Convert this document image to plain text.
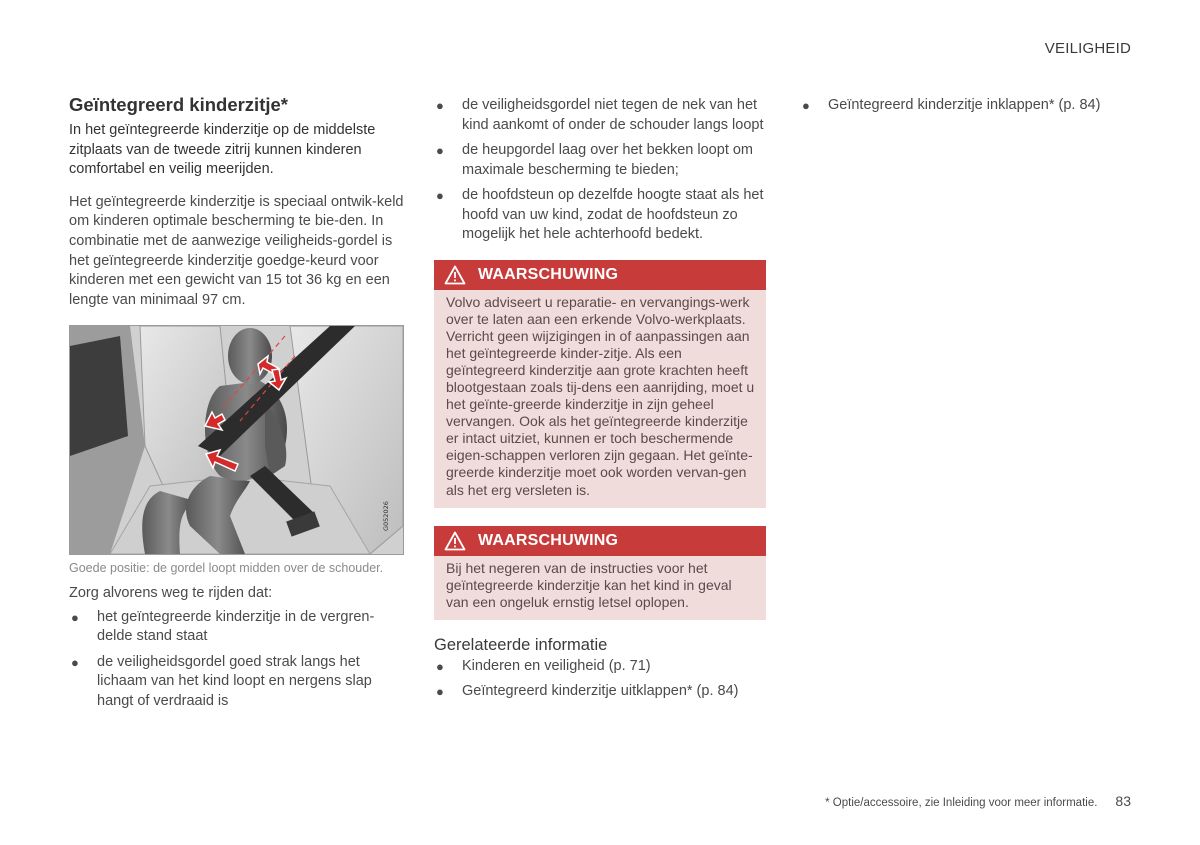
VEILIGHEID
Geïntegreerd kinderzitje*

In het geïntegreerde kinderzitje op de middelste zitplaats van de tweede zitrij kunnen kinderen comfortabel en veilig meerijden.

Het geïntegreerde kinderzitje is speciaal ontwik-keld om kinderen optimale bescherming te bie-den. In combinatie met de aanwezige veiligheids-gordel is het geïntegreerde kinderzitje goedge-keurd voor kinderen met een gewicht van 15 tot 36 kg en een lengte van minimaal 97 cm.

G052026
Goede positie: de gordel loopt midden over de schouder.
Zorg alvorens weg te rijden dat:
● het geïntegreerde kinderzitje in de vergren-delde stand staat
● de veiligheidsgordel goed strak langs het lichaam van het kind loopt en nergens slap hangt of verdraaid is
● de veiligheidsgordel niet tegen de nek van het kind aankomt of onder de schouder langs loopt
● de heupgordel laag over het bekken loopt om maximale bescherming te bieden;
● de hoofdsteun op dezelfde hoogte staat als het hoofd van uw kind, zodat de hoofdsteun zo mogelijk het hele achterhoofd bedekt.
WAARSCHUWING
Volvo adviseert u reparatie- en vervangings-werk over te laten aan een erkende Volvo-werkplaats. Verricht geen wijzigingen in of aanpassingen aan het geïntegreerde kinder-zitje. Als een geïntegreerd kinderzitje aan grote krachten heeft blootgestaan zoals tij-dens een aanrijding, moet u het geïnte-greerde kinderzitje in zijn geheel vervangen. Ook als het geïntegreerde kinderzitje er intact uitziet, kunnen er toch beschermende eigen-schappen verloren zijn gegaan. Het geïnte-greerde kinderzitje moet ook worden vervan-gen als het erg versleten is.
WAARSCHUWING
Bij het negeren van de instructies voor het geïntegreerde kinderzitje kan het kind in geval van een ongeluk ernstig letsel oplopen.
Gerelateerde informatie
● Kinderen en veiligheid (p. 71)
● Geïntegreerd kinderzitje uitklappen* (p. 84)
● Geïntegreerd kinderzitje inklappen* (p. 84)
* Optie/accessoire, zie Inleiding voor meer informatie. 83
